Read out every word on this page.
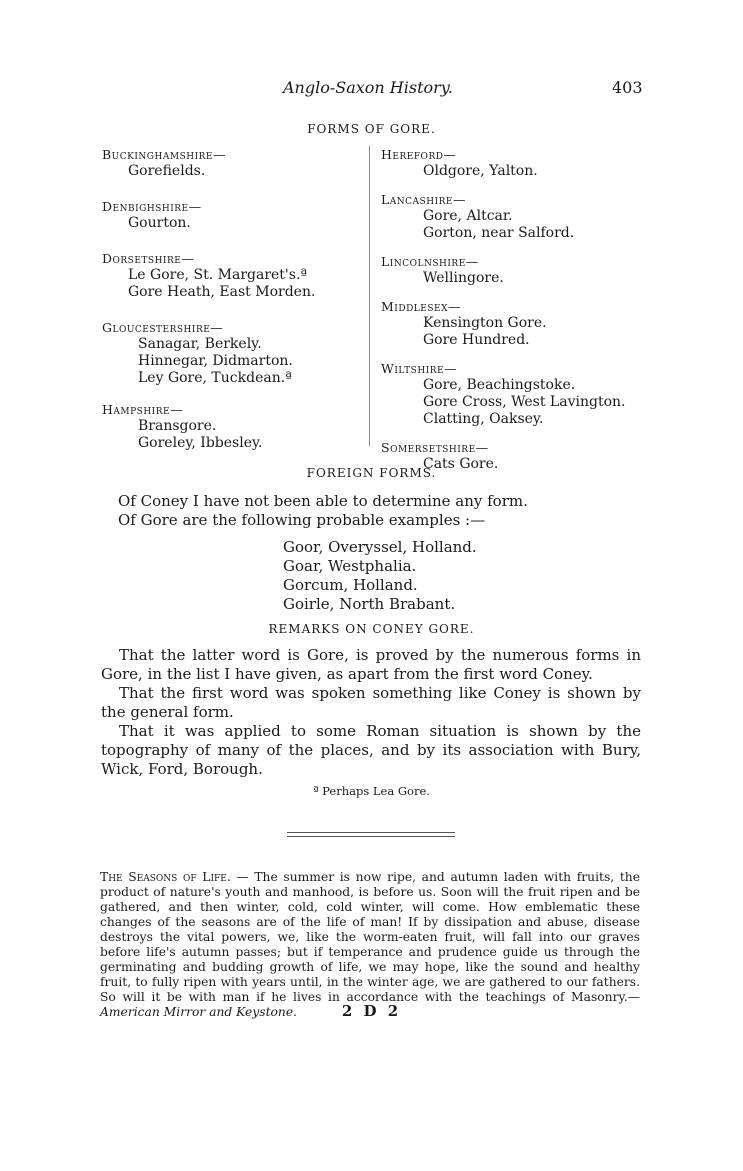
Anglo-Saxon History.	403
FORMS OF GORE.
Buckinghamshire—
Gorefields.
Denbighshire—
Gourton.
Dorsetshire—
Le Gore, St. Margaret's.ª
Gore Heath, East Morden.
Gloucestershire—
Sanagar, Berkely.
Hinnegar, Didmarton.
Ley Gore, Tuckdean.ª
Hampshire—
Bransgore.
Goreley, Ibbesley.
Hereford—
Oldgore, Yalton.
Lancashire—
Gore, Altcar.
Gorton, near Salford.
Lincolnshire—
Wellingore.
Middlesex—
Kensington Gore.
Gore Hundred.
Wiltshire—
Gore, Beachingstoke.
Gore Cross, West Lavington.
Clatting, Oaksey.
Somersetshire—
Cats Gore.
FOREIGN FORMS.
Of Coney I have not been able to determine any form.
Of Gore are the following probable examples :—
Goor, Overyssel, Holland.
Goar, Westphalia.
Gorcum, Holland.
Goirle, North Brabant.
REMARKS ON CONEY GORE.
That the latter word is Gore, is proved by the numerous forms in Gore, in the list I have given, as apart from the first word Coney.
That the first word was spoken something like Coney is shown by the general form.
That it was applied to some Roman situation is shown by the topography of many of the places, and by its association with Bury, Wick, Ford, Borough.
ª Perhaps Lea Gore.
The Seasons of Life. — The summer is now ripe, and autumn laden with fruits, the product of nature's youth and manhood, is before us. Soon will the fruit ripen and be gathered, and then winter, cold, cold winter, will come. How emblematic these changes of the seasons are of the life of man! If by dissipation and abuse, disease destroys the vital powers, we, like the worm-eaten fruit, will fall into our graves before life's autumn passes; but if temperance and prudence guide us through the germinating and budding growth of life, we may hope, like the sound and healthy fruit, to fully ripen with years until, in the winter age, we are gathered to our fathers. So will it be with man if he lives in accordance with the teachings of Masonry.—American Mirror and Keystone.	2 D 2
